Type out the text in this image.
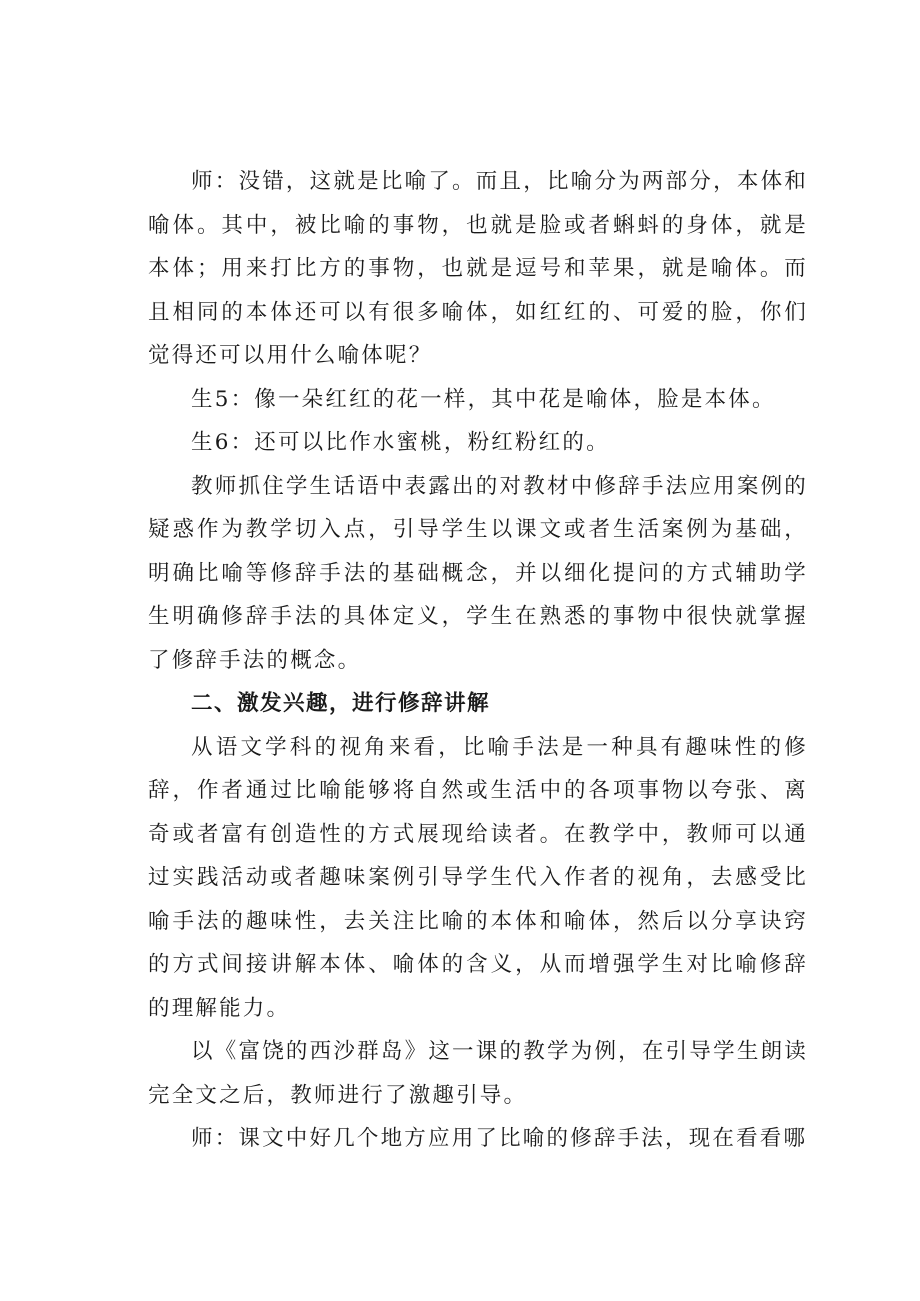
师：没错，这就是比喻了。而且，比喻分为两部分，本体和喻体。其中，被比喻的事物，也就是脸或者蝌蚪的身体，就是本体；用来打比方的事物，也就是逗号和苹果，就是喻体。而且相同的本体还可以有很多喻体，如红红的、可爱的脸，你们觉得还可以用什么喻体呢？

生5：像一朵红红的花一样，其中花是喻体，脸是本体。

生6：还可以比作水蜜桃，粉红粉红的。

教师抓住学生话语中表露出的对教材中修辞手法应用案例的疑惑作为教学切入点，引导学生以课文或者生活案例为基础，明确比喻等修辞手法的基础概念，并以细化提问的方式辅助学生明确修辞手法的具体定义，学生在熟悉的事物中很快就掌握了修辞手法的概念。

二、激发兴趣，进行修辞讲解

从语文学科的视角来看，比喻手法是一种具有趣味性的修辞，作者通过比喻能够将自然或生活中的各项事物以夸张、离奇或者富有创造性的方式展现给读者。在教学中，教师可以通过实践活动或者趣味案例引导学生代入作者的视角，去感受比喻手法的趣味性，去关注比喻的本体和喻体，然后以分享诀窍的方式间接讲解本体、喻体的含义，从而增强学生对比喻修辞的理解能力。

以《富饶的西沙群岛》这一课的教学为例，在引导学生朗读完全文之后，教师进行了激趣引导。

师：课文中好几个地方应用了比喻的修辞手法，现在看看哪
